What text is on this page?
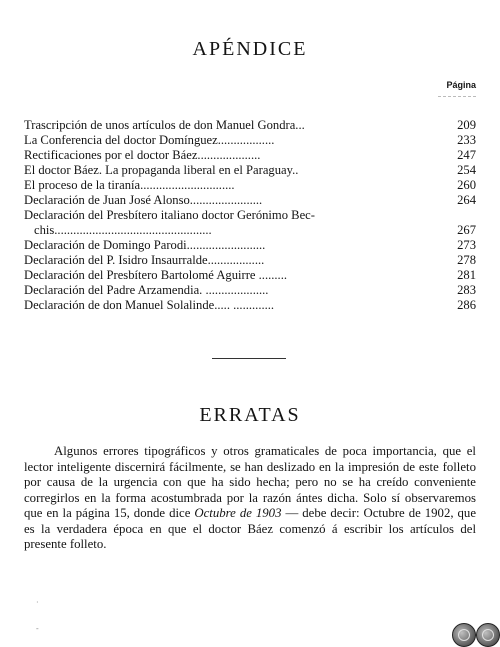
APÉNDICE
Página
Trascripción de unos artículos de don Manuel Gondra...	209
La Conferencia del doctor Domínguez..................	233
Rectificaciones por el doctor Báez....................	247
El doctor Báez. La propaganda liberal en el Paraguay..	254
El proceso de la tiranía..............................	260
Declaración de Juan José Alonso.......................	264
Declaración del Presbítero italiano doctor Gerónimo Bec-
chis..................................................	267
Declaración de Domingo Parodi.........................	273
Declaración del P. Isidro Insaurralde..................	278
Declaración del Presbítero Bartolomé Aguirre .........	281
Declaración del Padre Arzamendia. ....................	283
Declaración de don Manuel Solalinde..... .............	286
ERRATAS

Algunos errores tipográficos y otros gramaticales de poca importancia, que el lector inteligente discernirá fácilmente, se han deslizado en la impresión de este folleto por causa de la urgencia con que ha sido hecha; pero no se ha creído conveniente corregirlos en la forma acostumbrada por la razón ántes dicha. Solo sí observaremos que en la página 15, donde dice Octubre de 1903 — debe decir: Octubre de 1902, que es la verdadera época en que el doctor Báez comenzó á escribir los artículos del presente folleto.

·
-
